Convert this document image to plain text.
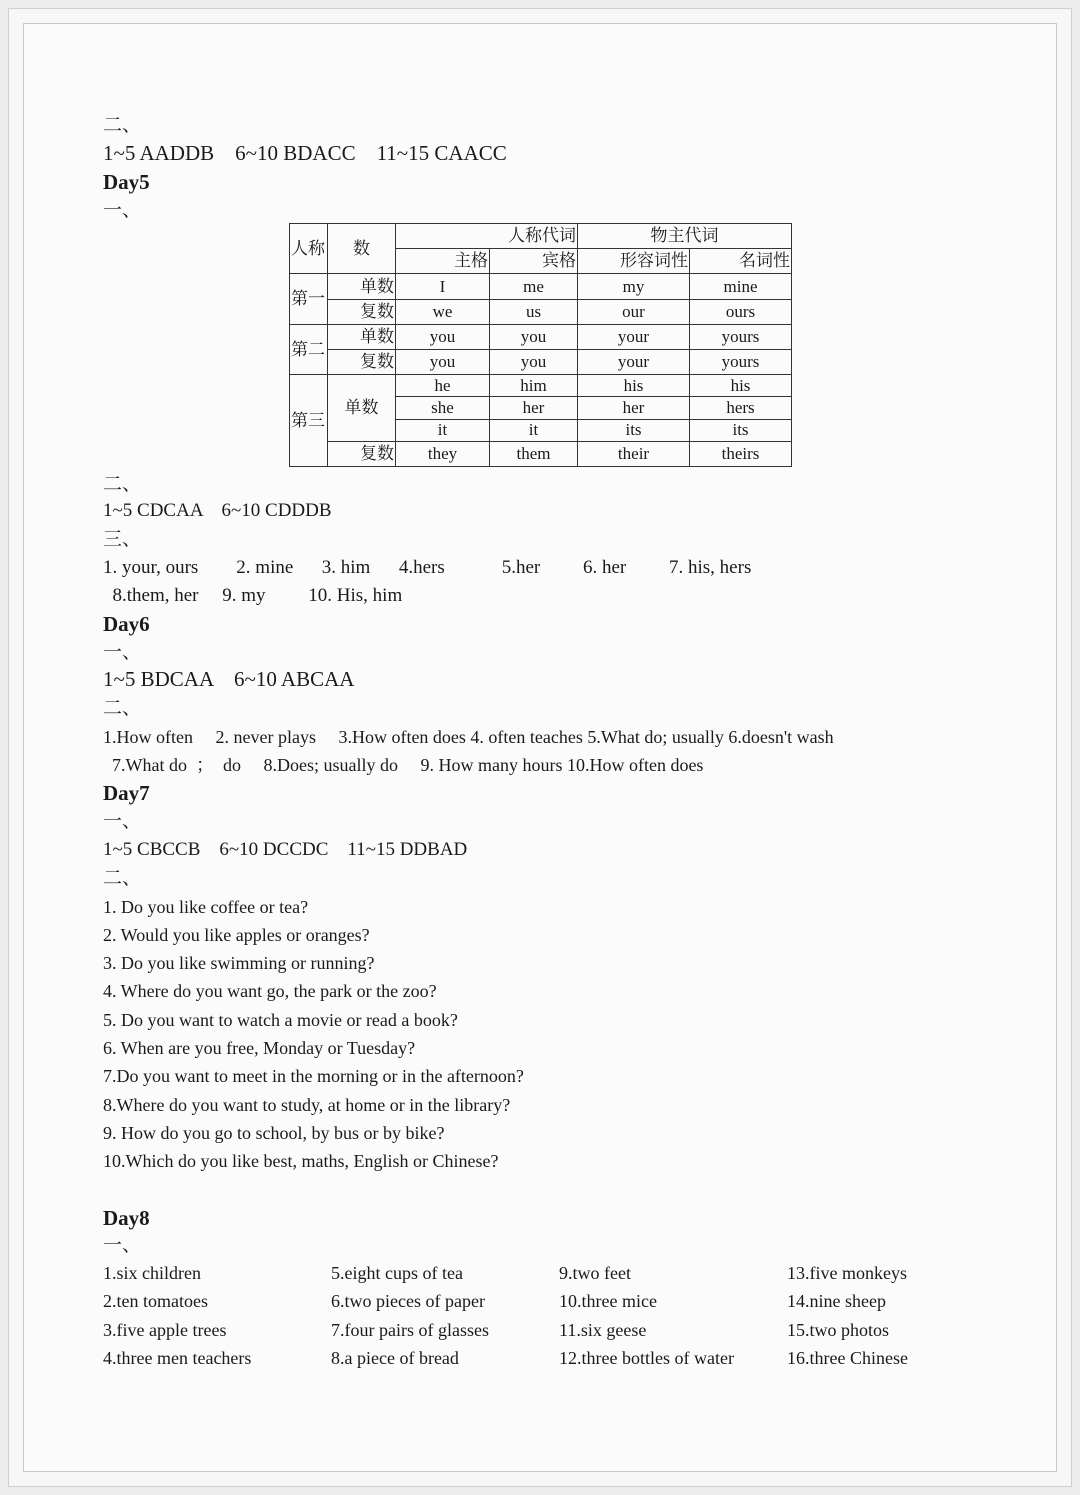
二、
1~5 AADDB    6~10 BDACC    11~15 CAACC
Day5
一、
人称	数	人称代词		物主代词	
		主格	宾格	形容词性	名词性
第一	单数	I	me	my	mine
	复数	we	us	our	ours
第二	单数	you	you	your	yours
	复数	you	you	your	yours
第三	单数	he	him	his	his
		she	her	her	hers
		it	it	its	its
	复数	they	them	their	theirs
二、
1~5 CDCAA    6~10 CDDDB
三、
1. your, ours        2. mine      3. him      4.hers            5.her         6. her         7. his, hers
8.them, her     9. my         10. His, him
Day6
一、
1~5 BDCAA    6~10 ABCAA
二、
1.How often     2. never plays     3.How often does 4. often teaches 5.What do; usually 6.doesn't wash
7.What do  ；  do     8.Does; usually do     9. How many hours 10.How often does
Day7
一、
1~5 CBCCB    6~10 DCCDC    11~15 DDBAD
二、
1. Do you like coffee or tea?
2. Would you like apples or oranges?
3. Do you like swimming or running?
4. Where do you want go, the park or the zoo?
5. Do you want to watch a movie or read a book?
6. When are you free, Monday or Tuesday?
7.Do you want to meet in the morning or in the afternoon?
8.Where do you want to study, at home or in the library?
9. How do you go to school, by bus or by bike?
10.Which do you like best, maths, English or Chinese?
Day8
一、
1.six children
2.ten tomatoes
3.five apple trees
4.three men teachers
5.eight cups of tea
6.two pieces of paper
7.four pairs of glasses
8.a piece of bread
9.two feet
10.three mice
11.six geese
12.three bottles of water
13.five monkeys
14.nine sheep
15.two photos
16.three Chinese
